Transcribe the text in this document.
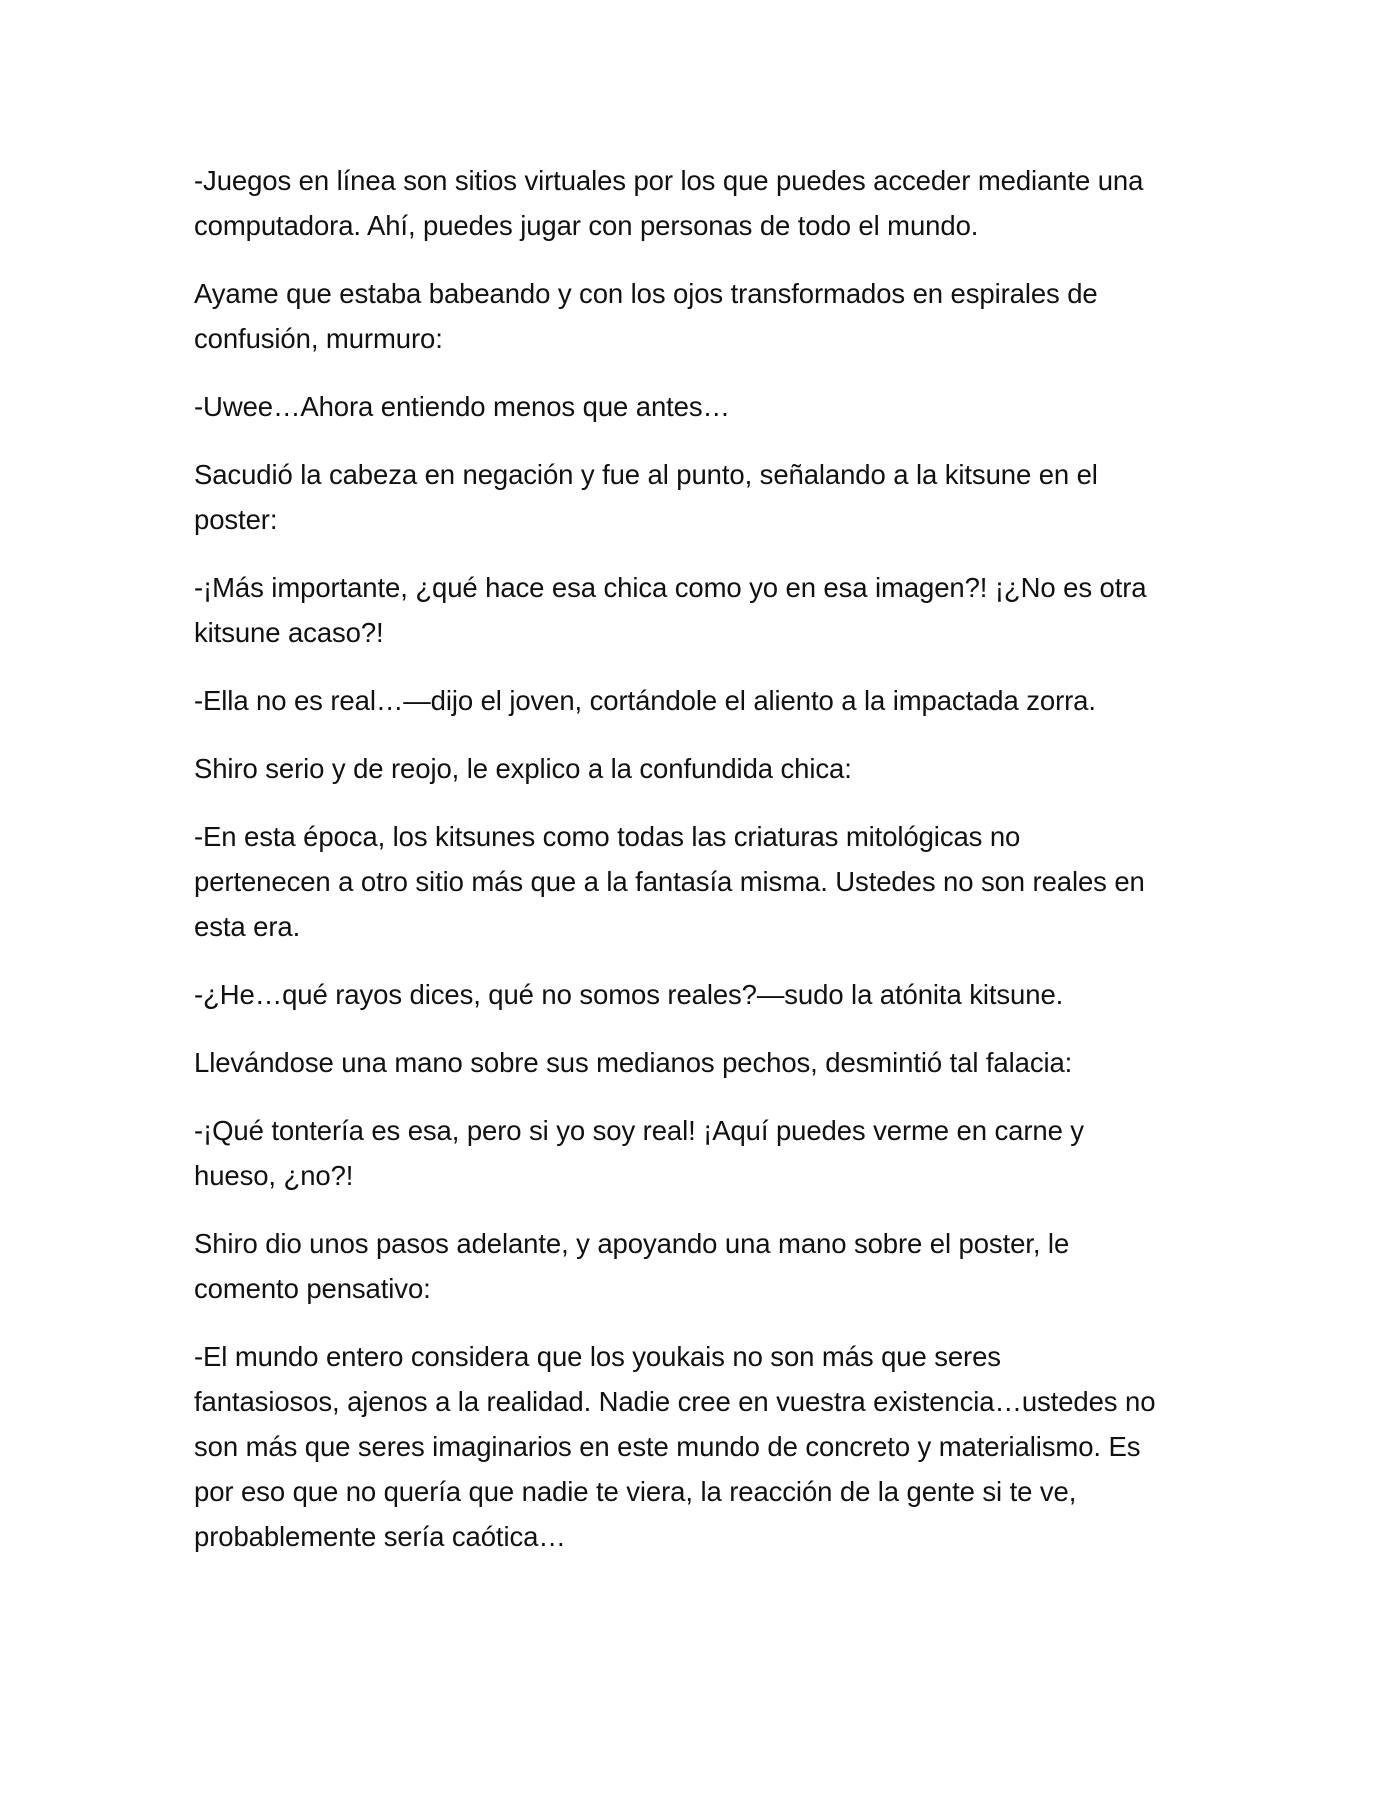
-Juegos en línea son sitios virtuales por los que puedes acceder mediante una
computadora. Ahí, puedes jugar con personas de todo el mundo.

Ayame que estaba babeando y con los ojos transformados en espirales de
confusión, murmuro:

-Uwee…Ahora entiendo menos que antes…

Sacudió la cabeza en negación y fue al punto, señalando a la kitsune en el
poster:

-¡Más importante, ¿qué hace esa chica como yo en esa imagen?! ¡¿No es otra
kitsune acaso?!

-Ella no es real…—dijo el joven, cortándole el aliento a la impactada zorra.

Shiro serio y de reojo, le explico a la confundida chica:

-En esta época, los kitsunes como todas las criaturas mitológicas no
pertenecen a otro sitio más que a la fantasía misma. Ustedes no son reales en
esta era.

-¿He…qué rayos dices, qué no somos reales?—sudo la atónita kitsune.

Llevándose una mano sobre sus medianos pechos, desmintió tal falacia:

-¡Qué tontería es esa, pero si yo soy real! ¡Aquí puedes verme en carne y
hueso, ¿no?!

Shiro dio unos pasos adelante, y apoyando una mano sobre el poster, le
comento pensativo:

-El mundo entero considera que los youkais no son más que seres
fantasiosos, ajenos a la realidad. Nadie cree en vuestra existencia…ustedes no
son más que seres imaginarios en este mundo de concreto y materialismo. Es
por eso que no quería que nadie te viera, la reacción de la gente si te ve,
probablemente sería caótica…
